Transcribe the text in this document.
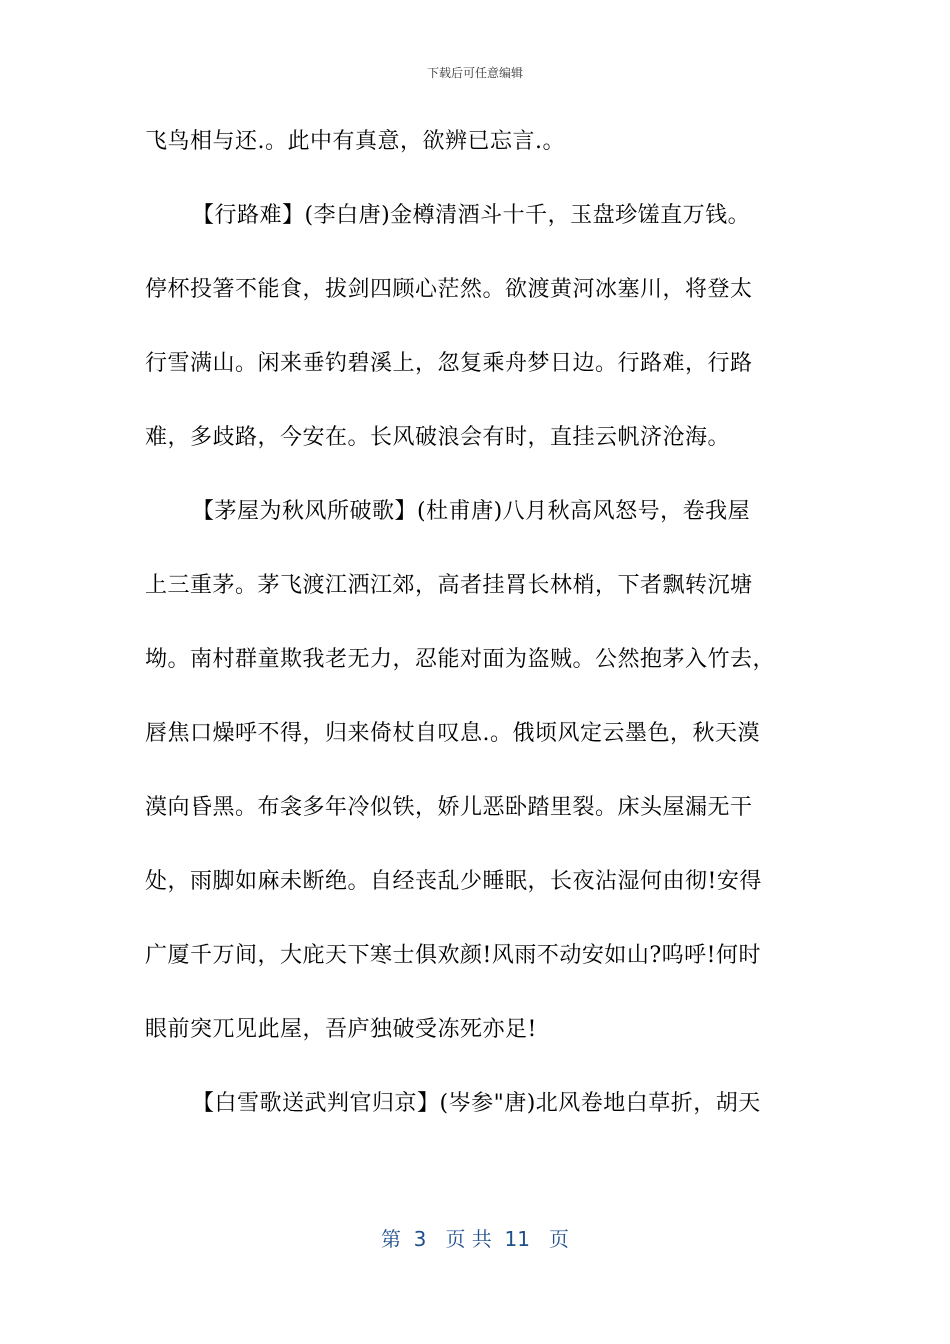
下载后可任意编辑
飞鸟相与还.。此中有真意，欲辨已忘言.。
【行路难】(李白唐)金樽清酒斗十千，玉盘珍馐直万钱。
停杯投箸不能食，拔剑四顾心茫然。欲渡黄河冰塞川，将登太
行雪满山。闲来垂钓碧溪上，忽复乘舟梦日边。行路难，行路
难，多歧路，今安在。长风破浪会有时，直挂云帆济沧海。
【茅屋为秋风所破歌】(杜甫唐)八月秋高风怒号，卷我屋
上三重茅。茅飞渡江洒江郊，高者挂罥长林梢，下者飘转沉塘
坳。南村群童欺我老无力，忍能对面为盗贼。公然抱茅入竹去，
唇焦口燥呼不得，归来倚杖自叹息.。俄顷风定云墨色，秋天漠
漠向昏黑。布衾多年冷似铁，娇儿恶卧踏里裂。床头屋漏无干
处，雨脚如麻未断绝。自经丧乱少睡眠，长夜沾湿何由彻!安得
广厦千万间，大庇天下寒士俱欢颜!风雨不动安如山?呜呼!何时
眼前突兀见此屋，吾庐独破受冻死亦足!
【白雪歌送武判官归京】(岑参"唐)北风卷地白草折，胡天
第  3   页 共  11   页
